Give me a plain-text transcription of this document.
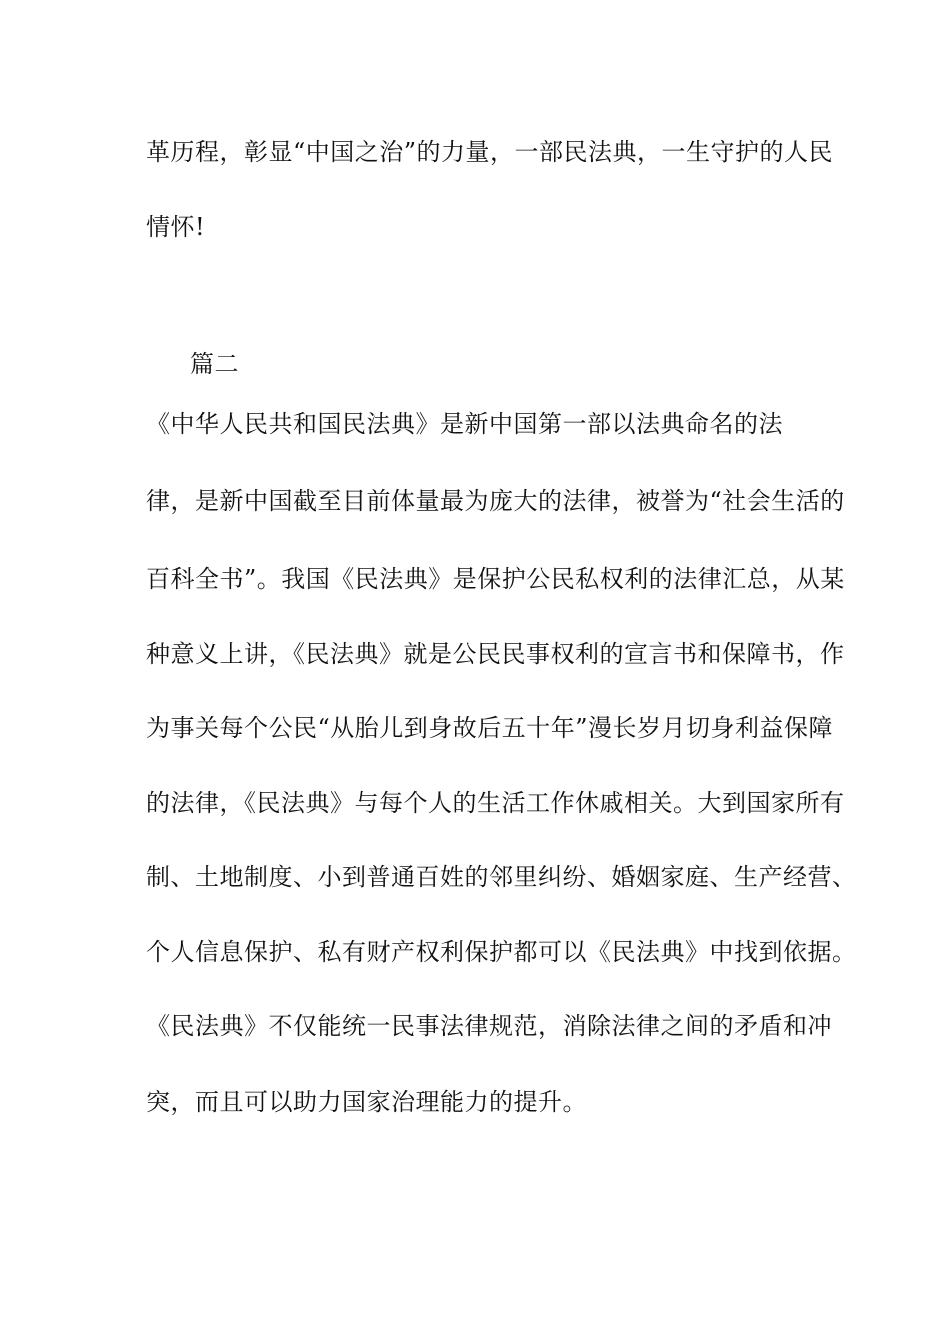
革历程，彰显“中国之治”的力量，一部民法典，一生守护的人民
情怀!
篇二
《中华人民共和国民法典》是新中国第一部以法典命名的法
律，是新中国截至目前体量最为庞大的法律，被誉为“社会生活的
百科全书”。我国《民法典》是保护公民私权利的法律汇总，从某
种意义上讲，《民法典》就是公民民事权利的宣言书和保障书，作
为事关每个公民“从胎儿到身故后五十年”漫长岁月切身利益保障
的法律，《民法典》与每个人的生活工作休戚相关。大到国家所有
制、土地制度、小到普通百姓的邻里纠纷、婚姻家庭、生产经营、
个人信息保护、私有财产权利保护都可以《民法典》中找到依据。
《民法典》不仅能统一民事法律规范，消除法律之间的矛盾和冲
突，而且可以助力国家治理能力的提升。
